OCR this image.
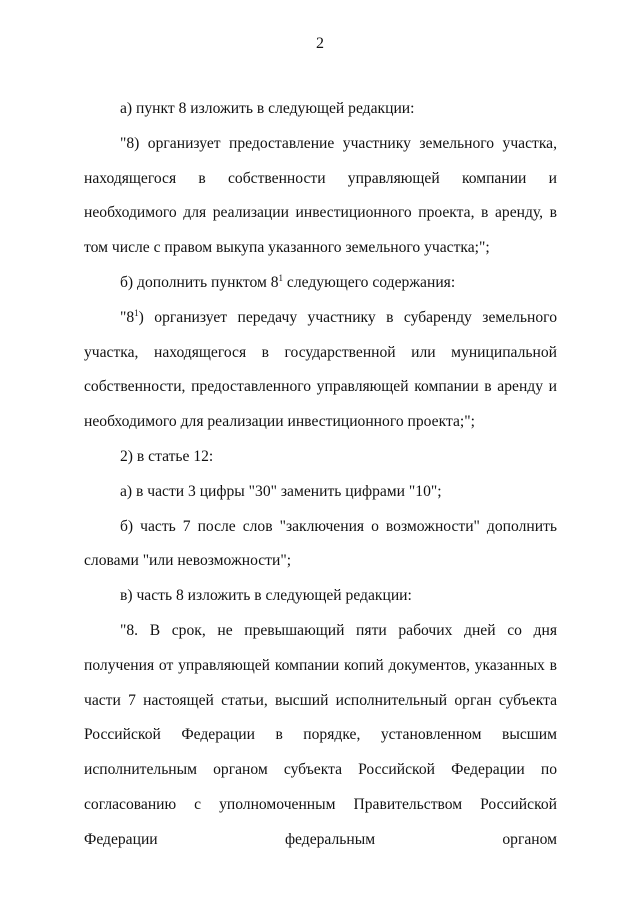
2

а) пункт 8 изложить в следующей редакции:

"8) организует предоставление участнику земельного участка, находящегося в собственности управляющей компании и необходимого для реализации инвестиционного проекта, в аренду, в том числе с правом выкупа указанного земельного участка;";

б) дополнить пунктом $8^1$ следующего содержания:

"$8^1$) организует передачу участнику в субаренду земельного участка, находящегося в государственной или муниципальной собственности, предоставленного управляющей компании в аренду и необходимого для реализации инвестиционного проекта;";

2) в статье 12:

а) в части 3 цифры "30" заменить цифрами "10";

б) часть 7 после слов "заключения о возможности" дополнить словами "или невозможности";

в) часть 8 изложить в следующей редакции:

"8. В срок, не превышающий пяти рабочих дней со дня получения от управляющей компании копий документов, указанных в части 7 настоящей статьи, высший исполнительный орган субъекта Российской Федерации в порядке, установленном высшим исполнительным органом субъекта Российской Федерации по согласованию с уполномоченным Правительством Российской Федерации федеральным органом
